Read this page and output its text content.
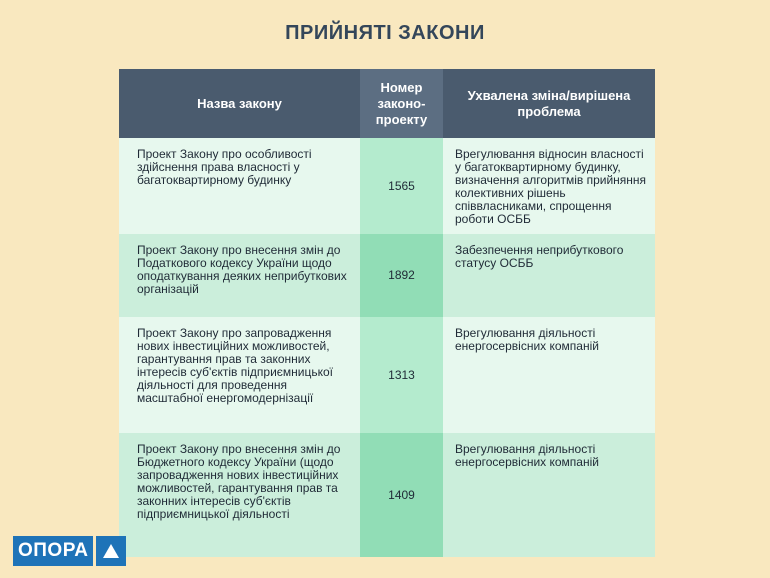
ПРИЙНЯТІ ЗАКОНИ
Назва закону	Номер законо-проекту	Ухвалена зміна/вирішена проблема
Проект Закону про особливості здійснення права власності у багатоквартирному будинку	1565	Врегулювання відносин власності у багатоквартирному будинку, визначення алгоритмів прийняння колективних рішень співвласниками, спрощення роботи ОСББ
Проект Закону про внесення змін до Податкового кодексу України щодо оподаткування деяких неприбуткових організацій	1892	Забезпечення неприбуткового статусу ОСББ
Проект Закону про запровадження нових інвестиційних можливостей, гарантування прав та законних інтересів суб'єктів підприємницької діяльності для проведення масштабної енергомодернізації	1313	Врегулювання діяльності енергосервісних компаній
Проект Закону про внесення змін до Бюджетного кодексу України (щодо запровадження нових інвестиційних можливостей, гарантування прав та законних інтересів суб'єктів підприємницької діяльності	1409	Врегулювання діяльності енергосервісних компаній
ОПОРА
